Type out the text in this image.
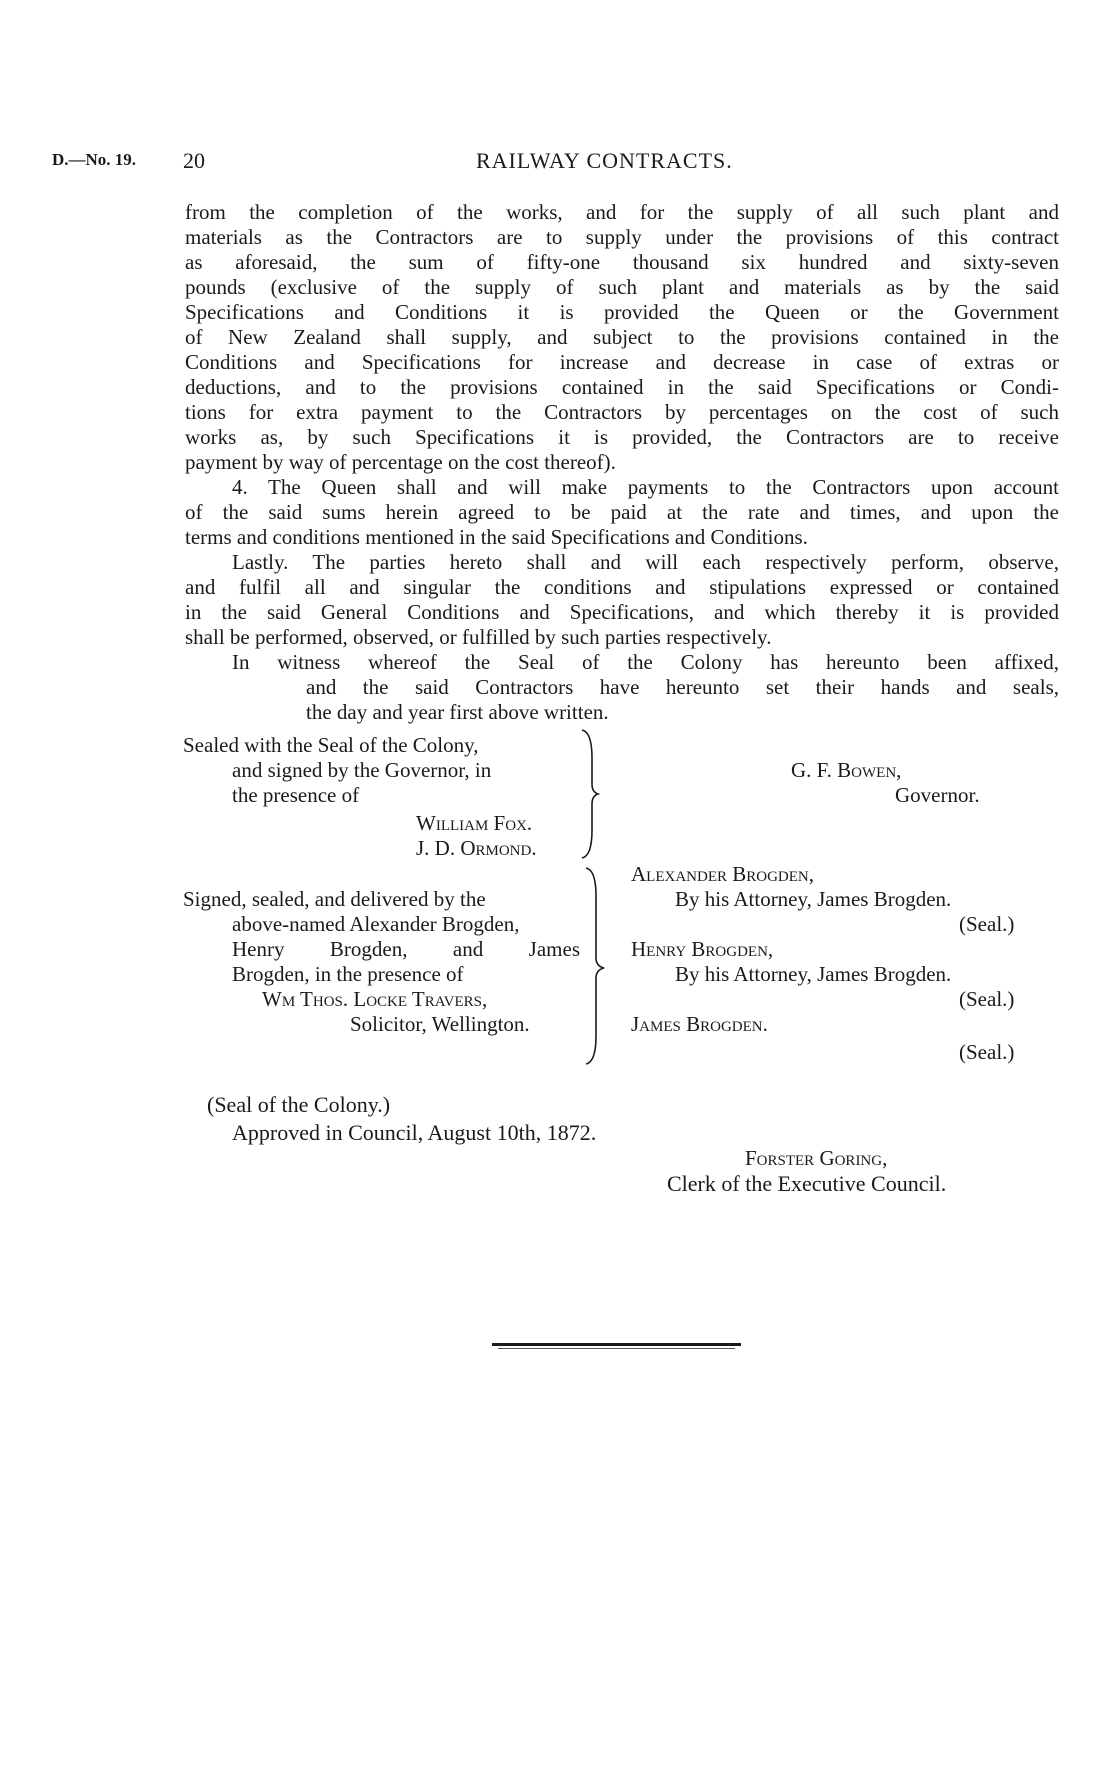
D.—No. 19. 20	RAILWAY CONTRACTS.
from the completion of the works, and for the supply of all such plant and
materials as the Contractors are to supply under the provisions of this contract
as aforesaid, the sum of fifty-one thousand six hundred and sixty-seven
pounds (exclusive of the supply of such plant and materials as by the said
Specifications and Conditions it is provided the Queen or the Government
of New Zealand shall supply, and subject to the provisions contained in the
Conditions and Specifications for increase and decrease in case of extras or
deductions, and to the provisions contained in the said Specifications or Condi-
tions for extra payment to the Contractors by percentages on the cost of such
works as, by such Specifications it is provided, the Contractors are to receive
payment by way of percentage on the cost thereof).
4. The Queen shall and will make payments to the Contractors upon account
of the said sums herein agreed to be paid at the rate and times, and upon the
terms and conditions mentioned in the said Specifications and Conditions.
Lastly. The parties hereto shall and will each respectively perform, observe,
and fulfil all and singular the conditions and stipulations expressed or contained
in the said General Conditions and Specifications, and which thereby it is provided
shall be performed, observed, or fulfilled by such parties respectively.
In witness whereof the Seal of the Colony has hereunto been affixed,
and the said Contractors have hereunto set their hands and seals,
the day and year first above written.
Sealed with the Seal of the Colony,
and signed by the Governor, in
the presence of
William Fox.
J. D. Ormond.
G. F. Bowen,
Governor.
Signed, sealed, and delivered by the
above-named Alexander Brogden,
Henry Brogden, and James
Brogden, in the presence of
Wm Thos. Locke Travers,
Solicitor, Wellington.
Alexander Brogden,
By his Attorney, James Brogden.
(Seal.)
Henry Brogden,
By his Attorney, James Brogden.
(Seal.)
James Brogden.
(Seal.)
(Seal of the Colony.)
Approved in Council, August 10th, 1872.
Forster Goring,
Clerk of the Executive Council.
